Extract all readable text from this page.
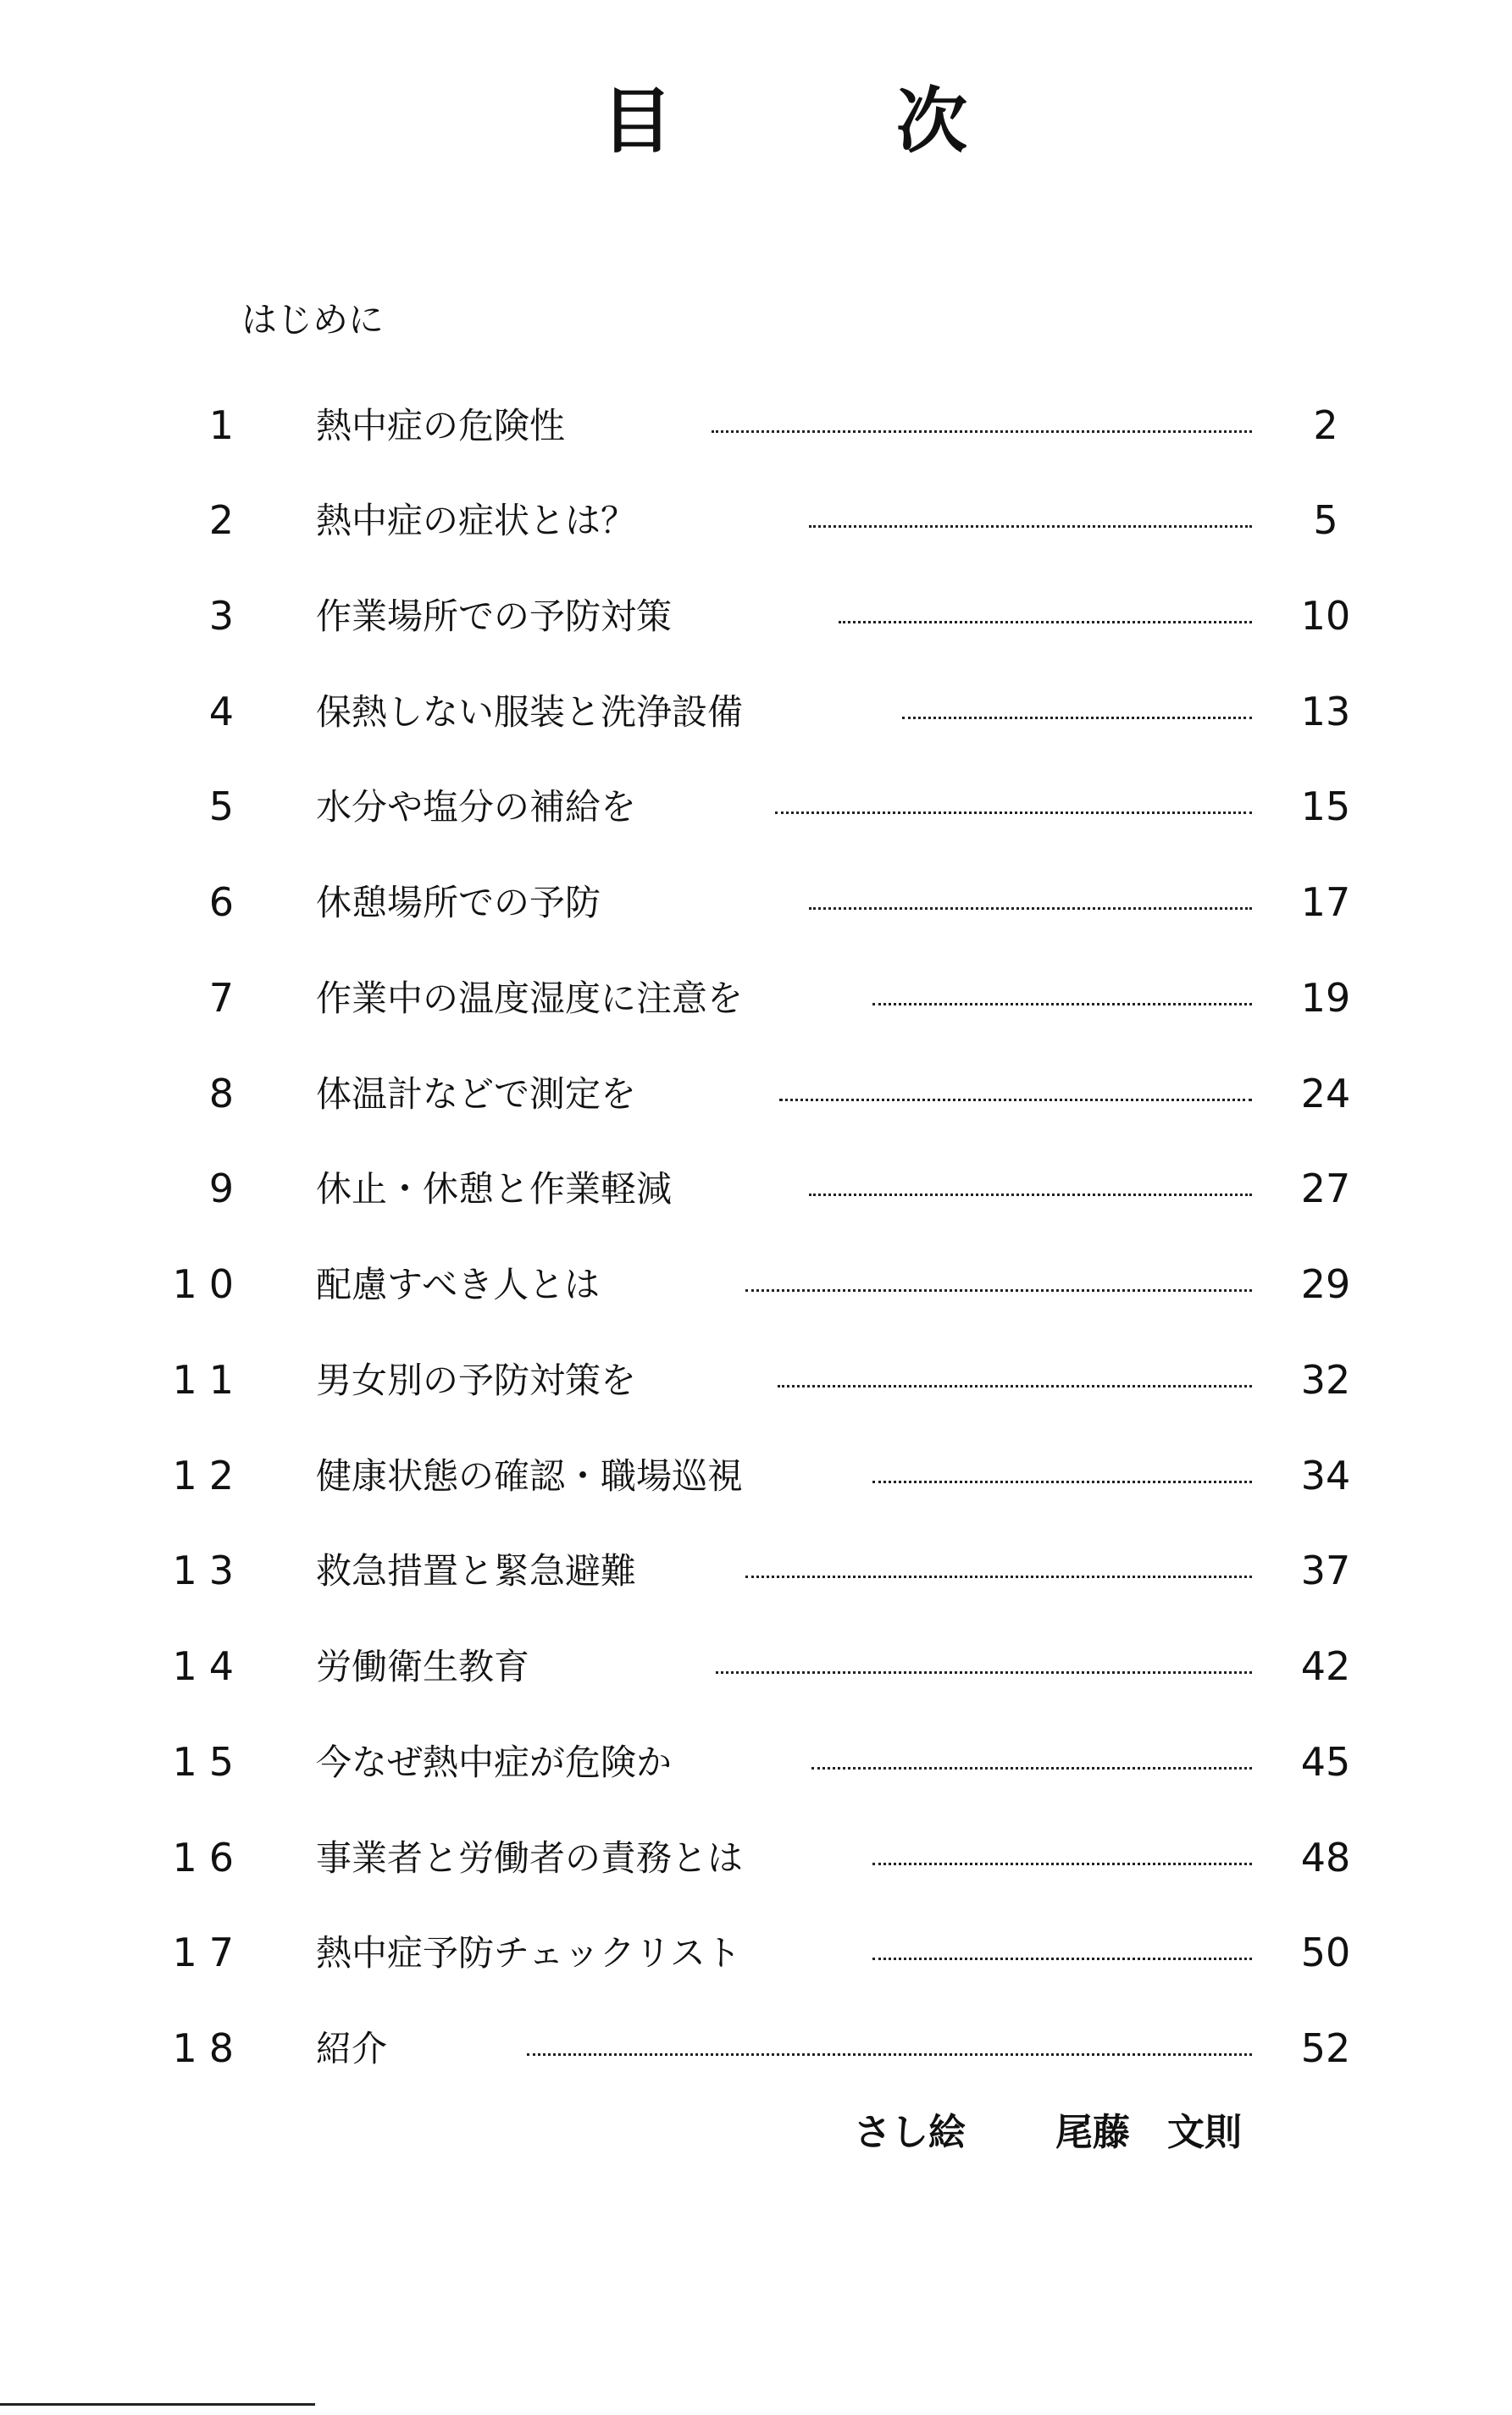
目	次
はじめに
1 熱中症の危険性	2
2 熱中症の症状とは？	5
3 作業場所での予防対策	10
4 保熱しない服装と洗浄設備	13
5 水分や塩分の補給を	15
6 休憩場所での予防	17
7 作業中の温度湿度に注意を	19
8 体温計などで測定を	24
9 休止・休憩と作業軽減	27
10 配慮すべき人とは	29
11 男女別の予防対策を	32
12 健康状態の確認・職場巡視	34
13 救急措置と緊急避難	37
14 労働衛生教育	42
15 今なぜ熱中症が危険か	45
16 事業者と労働者の責務とは	48
17 熱中症予防チェックリスト	50
18 紹介	52
さし絵 尾藤　文則
